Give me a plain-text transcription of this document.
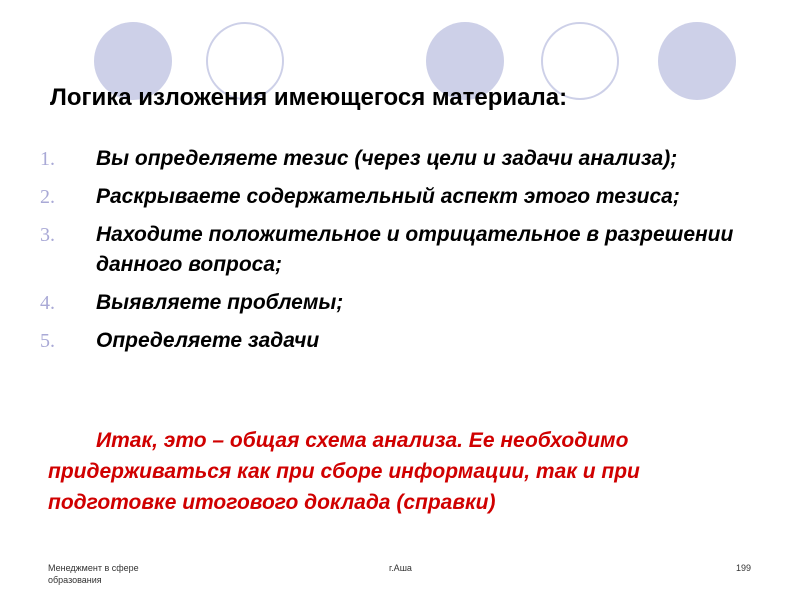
Логика изложения имеющегося материала:
1.	Вы определяете тезис (через цели и задачи анализа);
2.	Раскрываете содержательный аспект этого тезиса;
3.	Находите положительное и отрицательное в разрешении данного вопроса;
4.	Выявляете проблемы;
5.	Определяете задачи
Итак, это – общая схема анализа. Ее необходимо придерживаться как при сборе информации, так и при подготовке итогового доклада (справки)
Менеджмент в сфере образования
г.Аша	199
